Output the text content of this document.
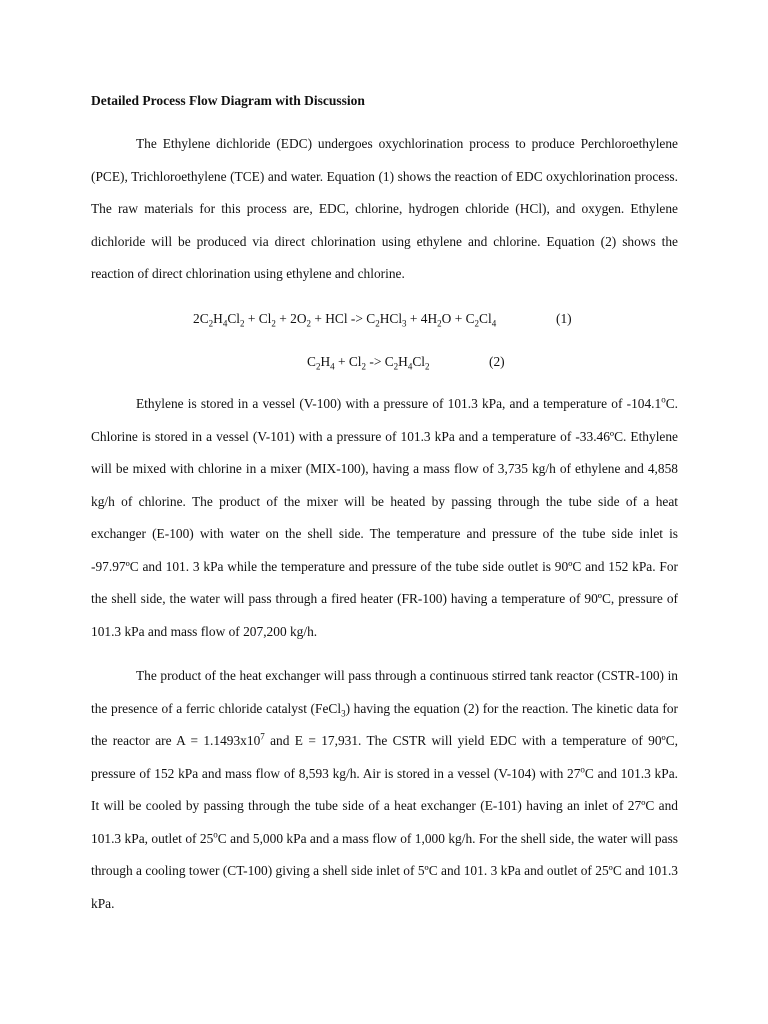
Detailed Process Flow Diagram with Discussion

The Ethylene dichloride (EDC) undergoes oxychlorination process to produce Perchloroethylene (PCE), Trichloroethylene (TCE) and water. Equation (1) shows the reaction of EDC oxychlorination process. The raw materials for this process are, EDC, chlorine, hydrogen chloride (HCl), and oxygen. Ethylene dichloride will be produced via direct chlorination using ethylene and chlorine. Equation (2) shows the reaction of direct chlorination using ethylene and chlorine.

$2C_2H_4Cl_2 + Cl_2 + 2O_2$ + HCl -> $C_2HCl_3 + 4H_2O + C_2Cl_4$	(1)
$C_2H_4 + Cl_2 -> C_2H_4Cl_2$	(2)

Ethylene is stored in a vessel (V-100) with a pressure of 101.3 kPa, and a temperature of -104.1$^o$C. Chlorine is stored in a vessel (V-101) with a pressure of 101.3 kPa and a temperature of -33.46ºC. Ethylene will be mixed with chlorine in a mixer (MIX-100), having a mass flow of 3,735 kg/h of ethylene and 4,858 kg/h of chlorine. The product of the mixer will be heated by passing through the tube side of a heat exchanger (E-100) with water on the shell side. The temperature and pressure of the tube side inlet is -97.97ºC and 101. 3 kPa while the temperature and pressure of the tube side outlet is 90ºC and 152 kPa. For the shell side, the water will pass through a fired heater (FR-100) having a temperature of 90ºC, pressure of 101.3 kPa and mass flow of 207,200 kg/h.

The product of the heat exchanger will pass through a continuous stirred tank reactor (CSTR-100) in the presence of a ferric chloride catalyst (FeCl$_3$) having the equation (2) for the reaction. The kinetic data for the reactor are $A = 1.1493x10^7$ and E = 17,931. The CSTR will yield EDC with a temperature of 90ºC, pressure of 152 kPa and mass flow of 8,593 kg/h. Air is stored in a vessel (V-104) with 27$^o$C and 101.3 kPa. It will be cooled by passing through the tube side of a heat exchanger (E-101) having an inlet of 27ºC and 101.3 kPa, outlet of 25$^o$C and 5,000 kPa and a mass flow of 1,000 kg/h. For the shell side, the water will pass through a cooling tower (CT-100) giving a shell side inlet of 5ºC and 101. 3 kPa and outlet of 25ºC and 101.3 kPa.
